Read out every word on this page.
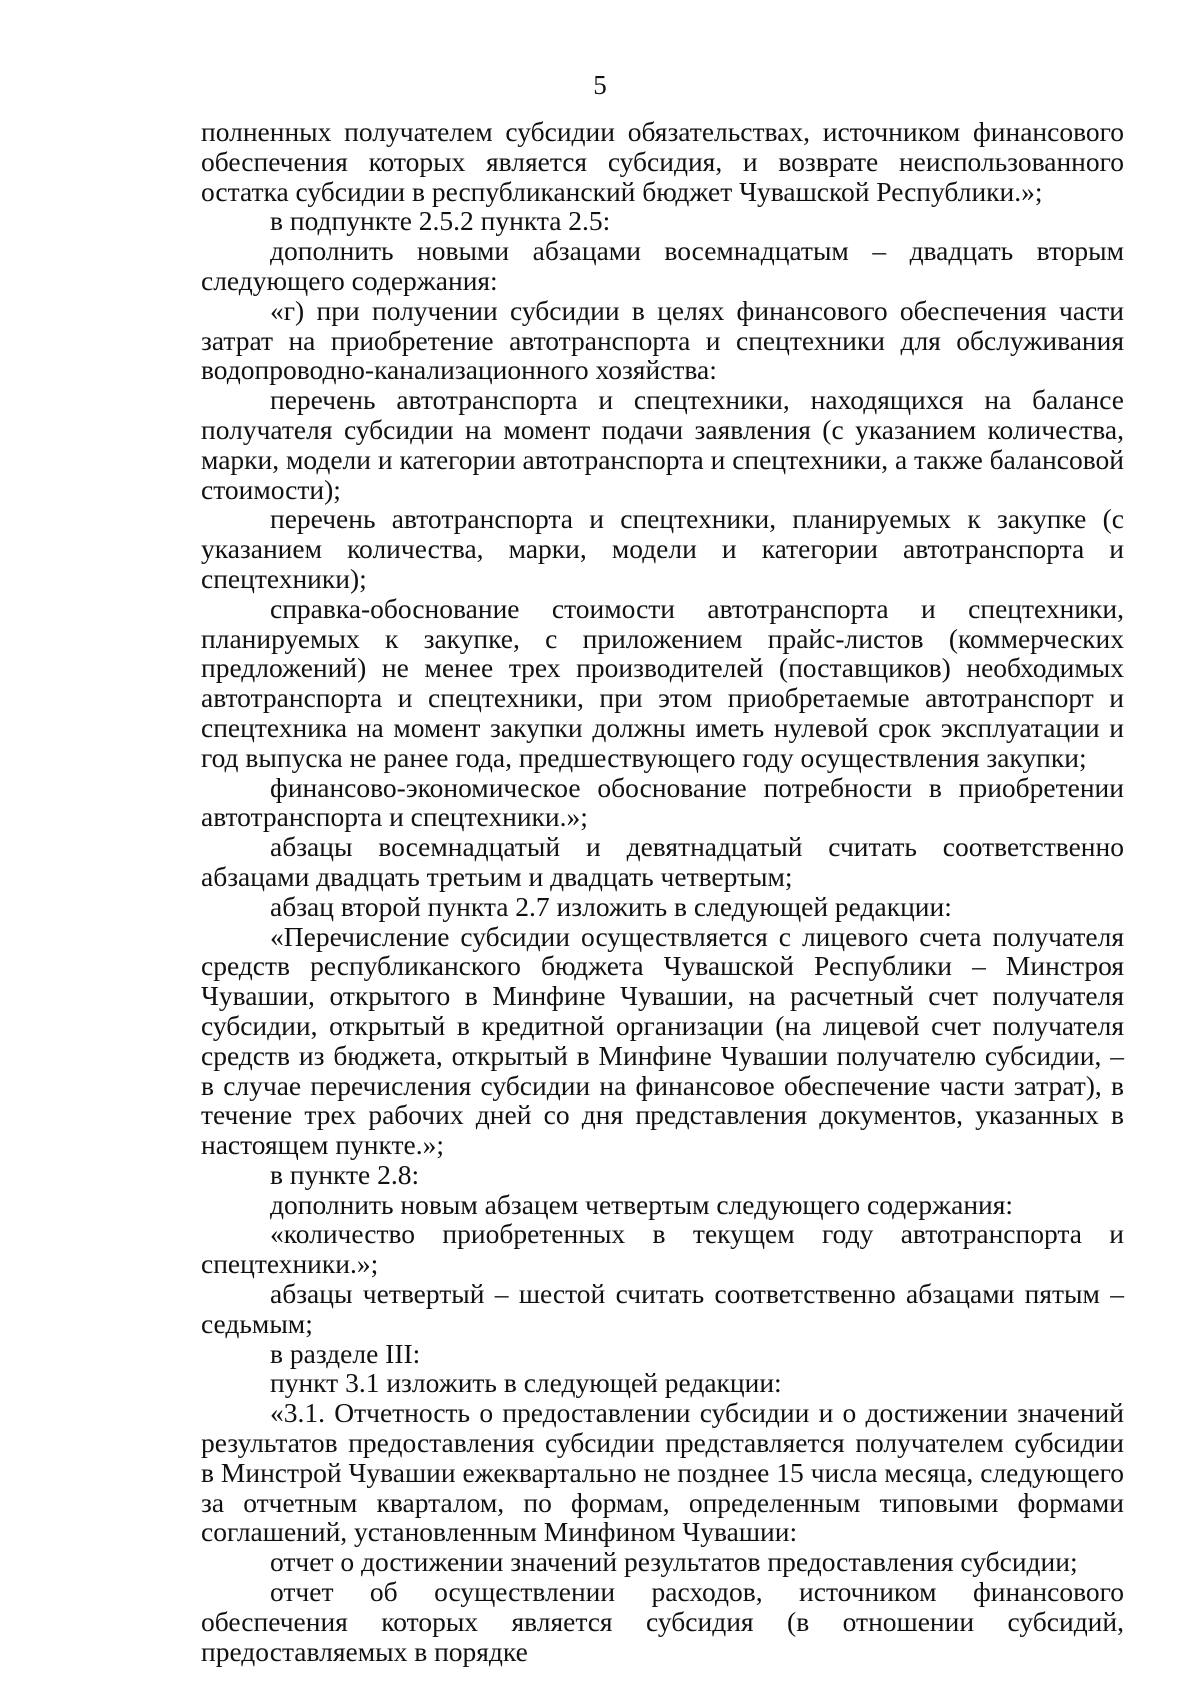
5

полненных получателем субсидии обязательствах, источником финансового обеспечения которых является субсидия, и возврате неиспользованного остатка субсидии в республиканский бюджет Чувашской Республики.»;

в подпункте 2.5.2 пункта 2.5:

дополнить новыми абзацами восемнадцатым – двадцать вторым следующего содержания:

«г) при получении субсидии в целях финансового обеспечения части затрат на приобретение автотранспорта и спецтехники для обслуживания водопроводно-канализационного хозяйства:

перечень автотранспорта и спецтехники, находящихся на балансе получателя субсидии на момент подачи заявления (с указанием количества, марки, модели и категории автотранспорта и спецтехники, а также балансовой стоимости);

перечень автотранспорта и спецтехники, планируемых к закупке (с указанием количества, марки, модели и категории автотранспорта и спецтехники);

справка-обоснование стоимости автотранспорта и спецтехники, планируемых к закупке, с приложением прайс-листов (коммерческих предложений) не менее трех производителей (поставщиков) необходимых автотранспорта и спецтехники, при этом приобретаемые автотранспорт и спецтехника на момент закупки должны иметь нулевой срок эксплуатации и год выпуска не ранее года, предшествующего году осуществления закупки;

финансово-экономическое обоснование потребности в приобретении автотранспорта и спецтехники.»;

абзацы восемнадцатый и девятнадцатый считать соответственно абзацами двадцать третьим и двадцать четвертым;

абзац второй пункта 2.7 изложить в следующей редакции:

«Перечисление субсидии осуществляется с лицевого счета получателя средств республиканского бюджета Чувашской Республики – Минстроя Чувашии, открытого в Минфине Чувашии, на расчетный счет получателя субсидии, открытый в кредитной организации (на лицевой счет получателя средств из бюджета, открытый в Минфине Чувашии получателю субсидии, – в случае перечисления субсидии на финансовое обеспечение части затрат), в течение трех рабочих дней со дня представления документов, указанных в настоящем пункте.»;

в пункте 2.8:

дополнить новым абзацем четвертым следующего содержания:

«количество приобретенных в текущем году автотранспорта и спецтехники.»;

абзацы четвертый – шестой считать соответственно абзацами пятым – седьмым;

в разделе III:

пункт 3.1 изложить в следующей редакции:

«3.1. Отчетность о предоставлении субсидии и о достижении значений результатов предоставления субсидии представляется получателем субсидии в Минстрой Чувашии ежеквартально не позднее 15 числа месяца, следующего за отчетным кварталом, по формам, определенным типовыми формами соглашений, установленным Минфином Чувашии:

отчет о достижении значений результатов предоставления субсидии;

отчет об осуществлении расходов, источником финансового обеспечения которых является субсидия (в отношении субсидий, предоставляемых в порядке
